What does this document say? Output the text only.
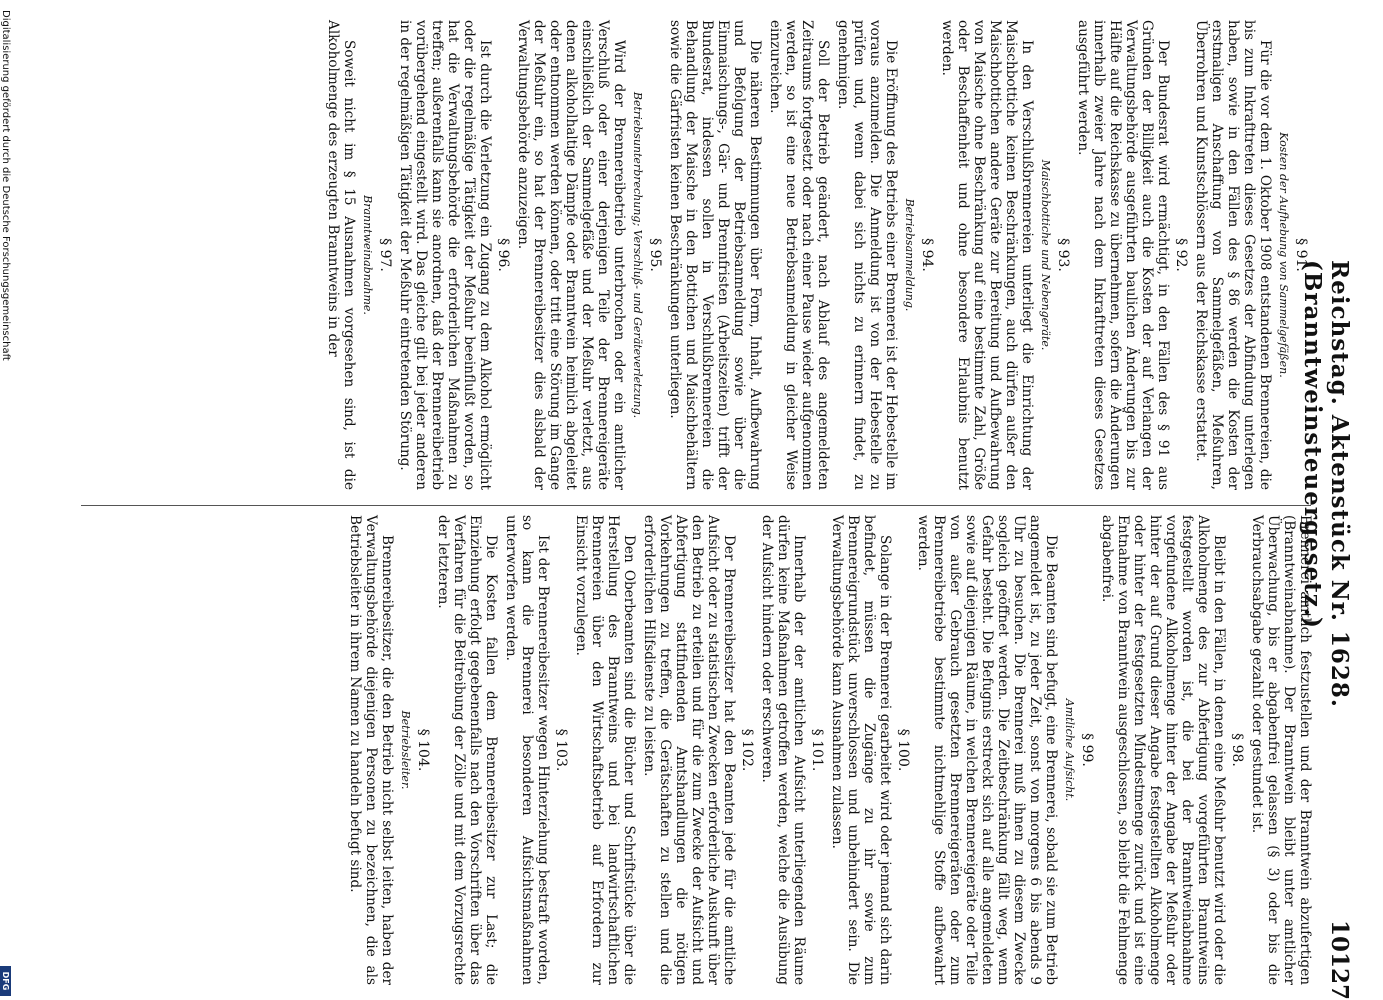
Reichstag. Aktenstück Nr. 1628. (Branntweinsteuergesetz.)
10127
§ 91.
Kosten der Aufhebung von Sammelgefäßen.

Für die vor dem 1. Oktober 1908 entstandenen Brennereien, die bis zum Inkrafttreten dieses Gesetzes der Abfindung unterlegen haben, sowie in den Fällen des § 86 werden die Kosten der erstmaligen Anschaffung von Sammelgefäßen, Meßuhren, Überrohren und Kunstschlössern aus der Reichskasse erstattet.

§ 92.

Der Bundesrat wird ermächtigt, in den Fällen des § 91 aus Gründen der Billigkeit auch die Kosten der auf Verlangen der Verwaltungsbehörde ausgeführten baulichen Änderungen bis zur Hälfte auf die Reichskasse zu übernehmen, sofern die Änderungen innerhalb zweier Jahre nach dem Inkrafttreten dieses Gesetzes ausgeführt werden.

§ 93.
Maischbottiche und Nebengeräte.

In den Verschlußbrennereien unterliegt die Einrichtung der Maischbottiche keinen Beschränkungen, auch dürfen außer den Maischbottichen andere Geräte zur Bereitung und Aufbewahrung von Maische ohne Beschränkung auf eine bestimmte Zahl, Größe oder Beschaffenheit und ohne besondere Erlaubnis benutzt werden.

§ 94.
Betriebsanmeldung.

Die Eröffnung des Betriebs einer Brennerei ist der Hebestelle im voraus anzumelden. Die Anmeldung ist von der Hebestelle zu prüfen und, wenn dabei sich nichts zu erinnern findet, zu genehmigen.

Soll der Betrieb geändert, nach Ablauf des angemeldeten Zeitraums fortgesetzt oder nach einer Pause wieder aufgenommen werden, so ist eine neue Betriebsanmeldung in gleicher Weise einzureichen.

Die näheren Bestimmungen über Form, Inhalt, Aufbewahrung und Befolgung der Betriebsanmeldung sowie über die Einmaischungs-, Gär- und Brennfristen (Arbeitszeiten) trifft der Bundesrat, indessen sollen in Verschlußbrennereien die Behandlung der Maische in den Bottichen und Maischbehältern sowie die Gärfristen keinen Beschränkungen unterliegen.

§ 95.
Betriebsunterbrechung; Verschluß- und Geräteverletzung.

Wird der Brennereibetrieb unterbrochen oder ein amtlicher Verschluß oder einer derjenigen Teile der Brennereigeräte einschließlich der Sammelgefäße und der Meßuhr verletzt, aus denen alkoholhaltige Dämpfe oder Branntwein heimlich abgeleitet oder entnommen werden können, oder tritt eine Störung im Gange der Meßuhr ein, so hat der Brennereibesitzer dies alsbald der Verwaltungsbehörde anzuzeigen.

§ 96.

Ist durch die Verletzung ein Zugang zu dem Alkohol ermöglicht oder die regelmäßige Tätigkeit der Meßuhr beeinflußt worden, so hat die Verwaltungsbehörde die erforderlichen Maßnahmen zu treffen; außerenfalls kann sie anordnen, daß der Brennereibetrieb vorübergehend eingestellt wird. Das gleiche gilt bei jeder anderen in der regelmäßigen Tätigkeit der Meßuhr eintretenden Störung.

§ 97.
Branntweinabnahme.

Soweit nicht im § 15 Ausnahmen vorgesehen sind, ist die Alkoholmenge des erzeugten Branntweins in der

Brennerei amtlich festzustellen und der Branntwein abzufertigen (Branntweinabnahme). Der Branntwein bleibt unter amtlicher Überwachung, bis er abgabenfrei gelassen (§ 3) oder bis die Verbrauchsabgabe gezahlt oder gestundet ist.

§ 98.

Bleibt in den Fällen, in denen eine Meßuhr benutzt wird oder die Alkoholmenge des zur Abfertigung vorgeführten Branntweins festgestellt worden ist, die bei der Branntweinabnahme vorgefundene Alkoholmenge hinter der Angabe der Meßuhr oder hinter der auf Grund dieser Angabe festgestellten Alkoholmenge oder hinter der festgesetzten Mindestmenge zurück und ist eine Entnahme von Branntwein ausgeschlossen, so bleibt die Fehlmenge abgabenfrei.

§ 99.
Amtliche Aufsicht.

Die Beamten sind befugt, eine Brennerei, sobald sie zum Betrieb angemeldet ist, zu jeder Zeit, sonst von morgens 6 bis abends 9 Uhr zu besuchen. Die Brennerei muß ihnen zu diesem Zwecke sogleich geöffnet werden. Die Zeitbeschränkung fällt weg, wenn Gefahr besteht. Die Befugnis erstreckt sich auf alle angemeldeten sowie auf diejenigen Räume, in welchen Brennereigeräte oder Teile von außer Gebrauch gesetzten Brennereigeräten oder zum Brennereibetriebe bestimmte nichtmehlige Stoffe aufbewahrt werden.

§ 100.

Solange in der Brennerei gearbeitet wird oder jemand sich darin befindet, müssen die Zugänge zu ihr sowie zum Brennereigrundstück unverschlossen und unbehindert sein. Die Verwaltungsbehörde kann Ausnahmen zulassen.

§ 101.

Innerhalb der der amtlichen Aufsicht unterliegenden Räume dürfen keine Maßnahmen getroffen werden, welche die Ausübung der Aufsicht hindern oder erschweren.

§ 102.

Der Brennereibesitzer hat den Beamten jede für die amtliche Aufsicht oder zu statistischen Zwecken erforderliche Auskunft über den Betrieb zu erteilen und für die zum Zwecke der Aufsicht und Abfertigung stattfindenden Amtshandlungen die nötigen Vorkehrungen zu treffen, die Gerätschaften zu stellen und die erforderlichen Hilfsdienste zu leisten.

Den Oberbeamten sind die Bücher und Schriftstücke über die Herstellung des Branntweins und bei landwirtschaftlichen Brennereien über den Wirtschaftsbetrieb auf Erfordern zur Einsicht vorzulegen.

§ 103.

Ist der Brennereibesitzer wegen Hinterziehung bestraft worden, so kann die Brennerei besonderen Aufsichtsmaßnahmen unterworfen werden.

Die Kosten fallen dem Brennereibesitzer zur Last; die Einziehung erfolgt gegebenenfalls nach den Vorschriften über das Verfahren für die Beitreibung der Zölle und mit dem Vorzugsrechte der letzteren.

§ 104.
Betriebsleiter.

Brennereibesitzer, die den Betrieb nicht selbst leiten, haben der Verwaltungsbehörde diejenigen Personen zu bezeichnen, die als Betriebsleiter in ihrem Namen zu handeln befugt sind.

Digitalisierung gefördert durch die Deutsche Forschungsgemeinschaft
DFG
